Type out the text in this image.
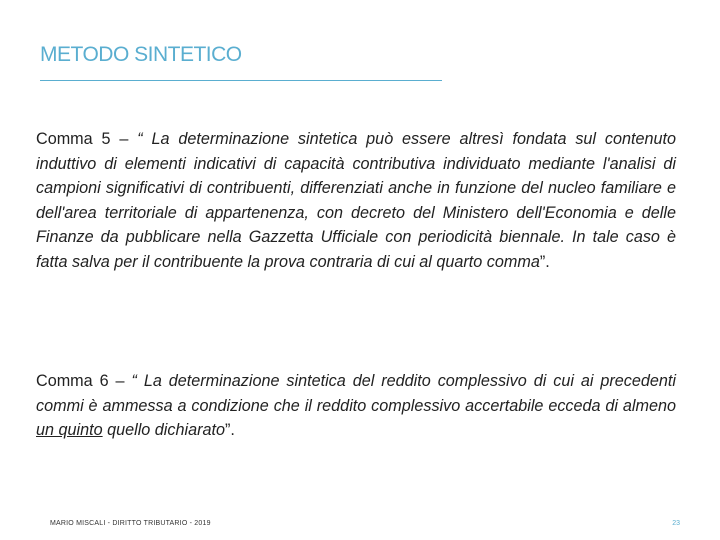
METODO SINTETICO

Comma 5 – “ La determinazione sintetica può essere altresì fondata sul contenuto induttivo di elementi indicativi di capacità contributiva individuato mediante l'analisi di campioni significativi di contribuenti, differenziati anche in funzione del nucleo familiare e dell'area territoriale di appartenenza, con decreto del Ministero dell'Economia e delle Finanze da pubblicare nella Gazzetta Ufficiale con periodicità biennale. In tale caso è fatta salva per il contribuente la prova contraria di cui al quarto comma”.

Comma 6 – “ La determinazione sintetica del reddito complessivo di cui ai precedenti commi è ammessa a condizione che il reddito complessivo accertabile ecceda di almeno un quinto quello dichiarato”.

MARIO MISCALI - DIRITTO TRIBUTARIO - 2019	23
